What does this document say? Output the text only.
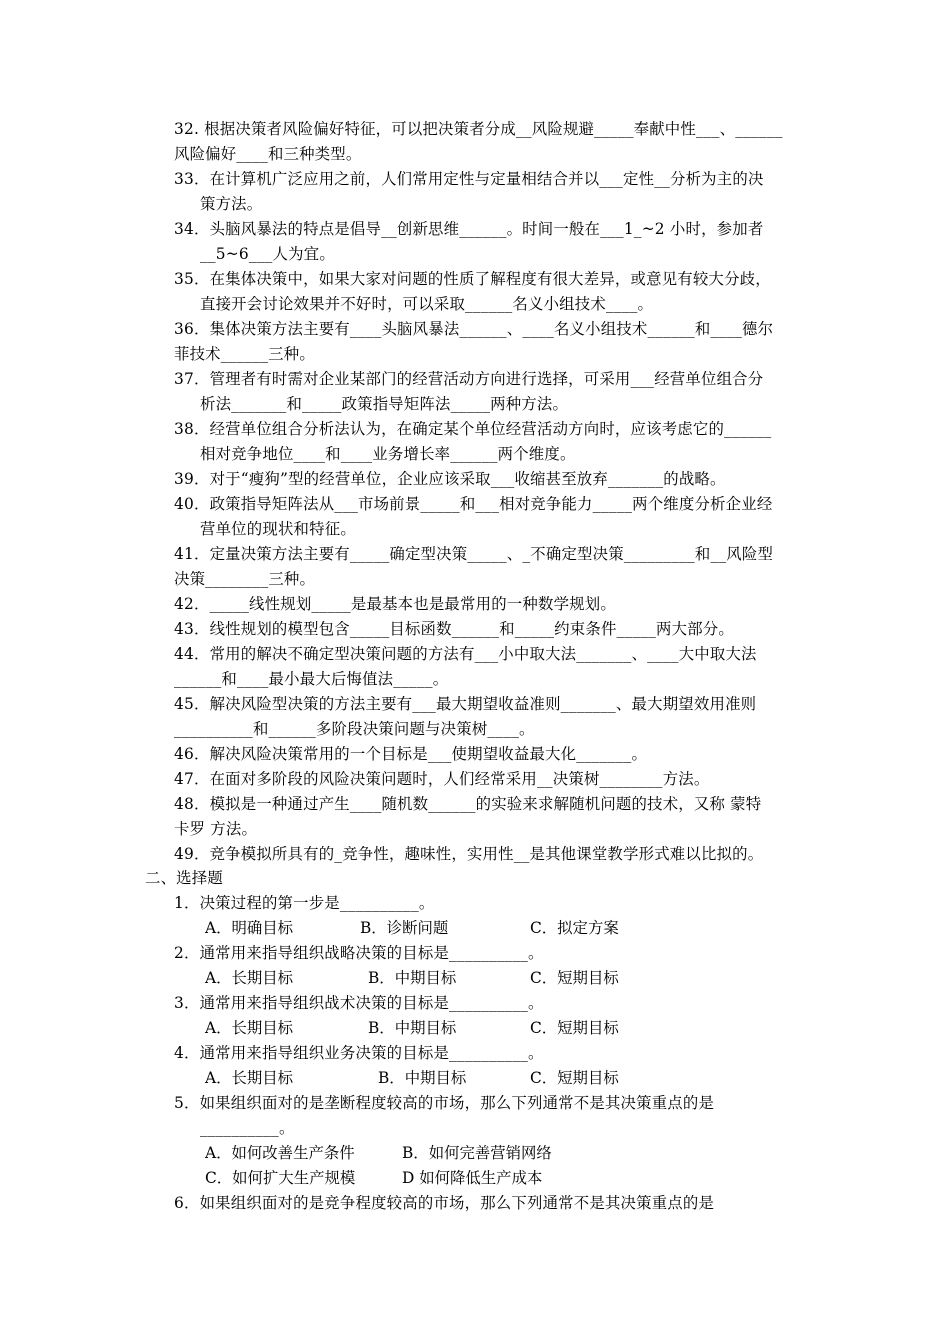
32. 根据决策者风险偏好特征，可以把决策者分成__风险规避_____奉献中性___、______
风险偏好____和三种类型。
33．在计算机广泛应用之前，人们常用定性与定量相结合并以___定性__分析为主的决
策方法。
34．头脑风暴法的特点是倡导__创新思维______。时间一般在___1_~2 小时，参加者
__5~6___人为宜。
35．在集体决策中，如果大家对问题的性质了解程度有很大差异，或意见有较大分歧，
直接开会讨论效果并不好时，可以采取______名义小组技术____。
36．集体决策方法主要有____头脑风暴法______、____名义小组技术______和____德尔
菲技术______三种。
37．管理者有时需对企业某部门的经营活动方向进行选择，可采用___经营单位组合分
析法_______和_____政策指导矩阵法_____两种方法。
38．经营单位组合分析法认为，在确定某个单位经营活动方向时，应该考虑它的______
相对竞争地位____和____业务增长率______两个维度。
39．对于“瘦狗”型的经营单位，企业应该采取___收缩甚至放弃_______的战略。
40．政策指导矩阵法从___市场前景_____和___相对竞争能力_____两个维度分析企业经
营单位的现状和特征。
41．定量决策方法主要有_____确定型决策_____、_不确定型决策_________和__风险型
决策________三种。
42．_____线性规划_____是最基本也是最常用的一种数学规划。
43．线性规划的模型包含_____目标函数______和_____约束条件_____两大部分。
44．常用的解决不确定型决策问题的方法有___小中取大法_______、____大中取大法
______和____最小最大后悔值法_____。
45．解决风险型决策的方法主要有___最大期望收益准则_______、最大期望效用准则
__________和______多阶段决策问题与决策树____。
46．解决风险决策常用的一个目标是___使期望收益最大化_______。
47．在面对多阶段的风险决策问题时，人们经常采用__决策树________方法。
48．模拟是一种通过产生____随机数______的实验来求解随机问题的技术，又称 蒙特
卡罗 方法。
49．竞争模拟所具有的_竞争性，趣味性，实用性__是其他课堂教学形式难以比拟的。
二、选择题
1．决策过程的第一步是__________。
A．明确目标	B．诊断问题	C．拟定方案
2．通常用来指导组织战略决策的目标是__________。
A．长期目标	B．中期目标	C．短期目标
3．通常用来指导组织战术决策的目标是__________。
A．长期目标	B．中期目标	C．短期目标
4．通常用来指导组织业务决策的目标是__________。
A．长期目标	B．中期目标	C．短期目标
5．如果组织面对的是垄断程度较高的市场，那么下列通常不是其决策重点的是
__________。
A．如何改善生产条件	B．如何完善营销网络
C．如何扩大生产规模	D 如何降低生产成本
6．如果组织面对的是竞争程度较高的市场，那么下列通常不是其决策重点的是
